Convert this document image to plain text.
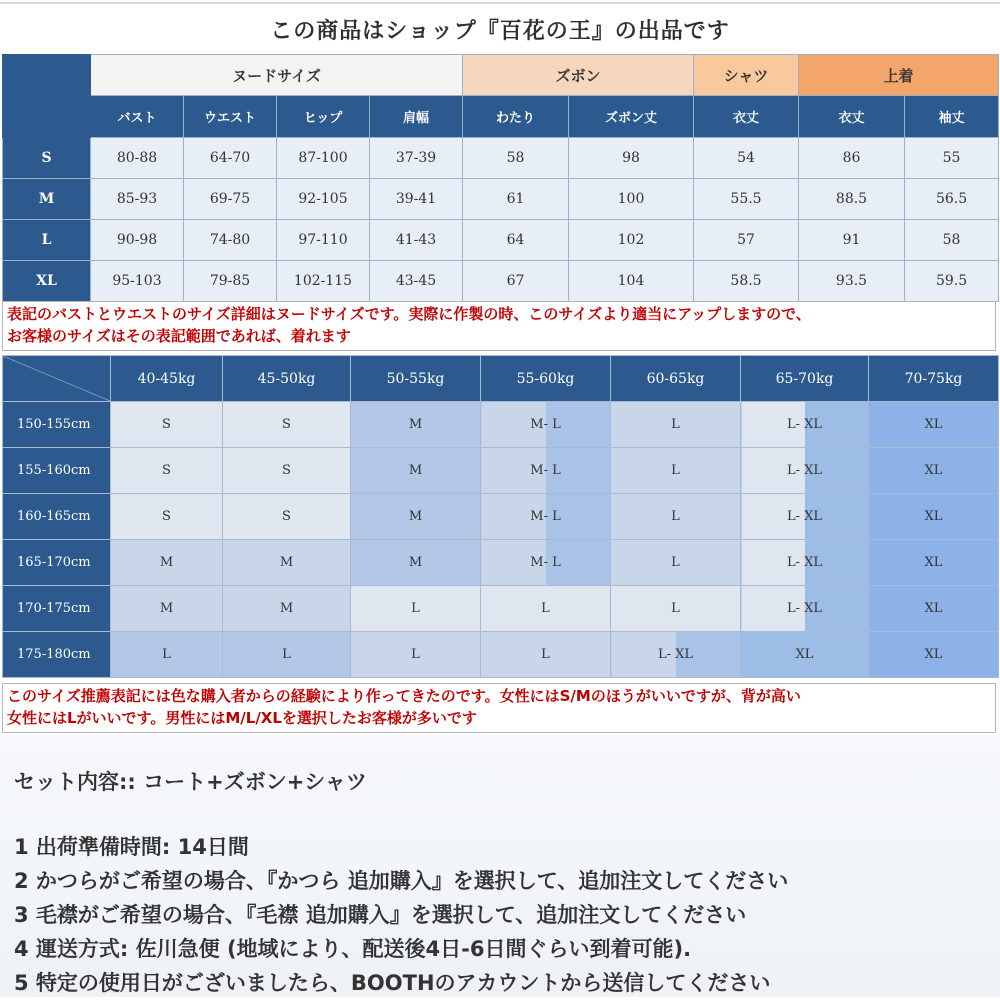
この商品はショップ『百花の王』の出品です
	ヌードサイズ				ズボン		シャツ	上着	
	バスト	ウエスト	ヒップ	肩幅	わたり	ズボン丈	衣丈	衣丈	袖丈
S	80-88	64-70	87-100	37-39	58	98	54	86	55
M	85-93	69-75	92-105	39-41	61	100	55.5	88.5	56.5
L	90-98	74-80	97-110	41-43	64	102	57	91	58
XL	95-103	79-85	102-115	43-45	67	104	58.5	93.5	59.5
表記のバストとウエストのサイズ詳細はヌードサイズです。実際に作製の時、このサイズより適当にアップしますので、
お客様のサイズはその表記範囲であれば、着れます
	40-45kg	45-50kg	50-55kg	55-60kg	60-65kg	65-70kg	70-75kg
150-155cm	S	S	M	M- L	L	L- XL	XL
155-160cm	S	S	M	M- L	L	L- XL	XL
160-165cm	S	S	M	M- L	L	L- XL	XL
165-170cm	M	M	M	M- L	L	L- XL	XL
170-175cm	M	M	L	L	L	L- XL	XL
175-180cm	L	L	L	L	L- XL	XL	XL
このサイズ推薦表記には色な購入者からの経験により作ってきたのです。女性にはS/Mのほうがいいですが、背が高い
女性にはLがいいです。男性にはM/L/XLを選択したお客様が多いです
セット内容:: コート+ズボン+シャツ
1 出荷準備時間: 14日間
2 かつらがご希望の場合、『かつら 追加購入』を選択して、追加注文してください
3 毛襟がご希望の場合、『毛襟 追加購入』を選択して、追加注文してください
4 運送方式: 佐川急便 (地域により、配送後4日-6日間ぐらい到着可能).
5 特定の使用日がございましたら、BOOTHのアカウントから送信してください
